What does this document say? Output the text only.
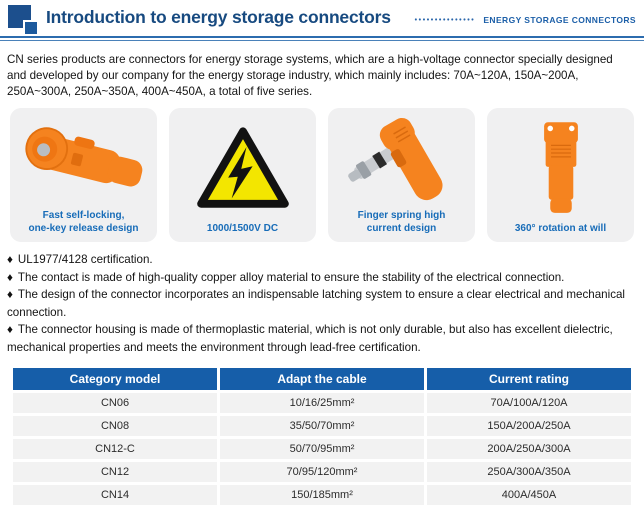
Introduction to energy storage connectors	••••••••••••••• ENERGY STORAGE CONNECTORS

CN series products are connectors for energy storage systems, which are a high-voltage connector specially designed and developed by our company for the energy storage industry, which mainly includes: 70A~120A, 150A~200A, 250A~300A, 250A~350A, 400A~450A, a total of five series.

Fast self-locking,
one-key release design	1000/1500V DC
Finger spring high
current design	360° rotation at will
♦ UL1977/4128 certification.
♦ The contact is made of high-quality copper alloy material to ensure the stability of the electrical connection.
♦ The design of the connector incorporates an indispensable latching system to ensure a clear electrical and mechanical connection.
♦ The connector housing is made of thermoplastic material, which is not only durable, but also has excellent dielectric, mechanical properties and meets the environment through lead-free certification.
Category model	Adapt the cable	Current rating
CN06	10/16/25mm²	70A/100A/120A
CN08	35/50/70mm²	150A/200A/250A
CN12-C	50/70/95mm²	200A/250A/300A
CN12	70/95/120mm²	250A/300A/350A
CN14	150/185mm²	400A/450A
